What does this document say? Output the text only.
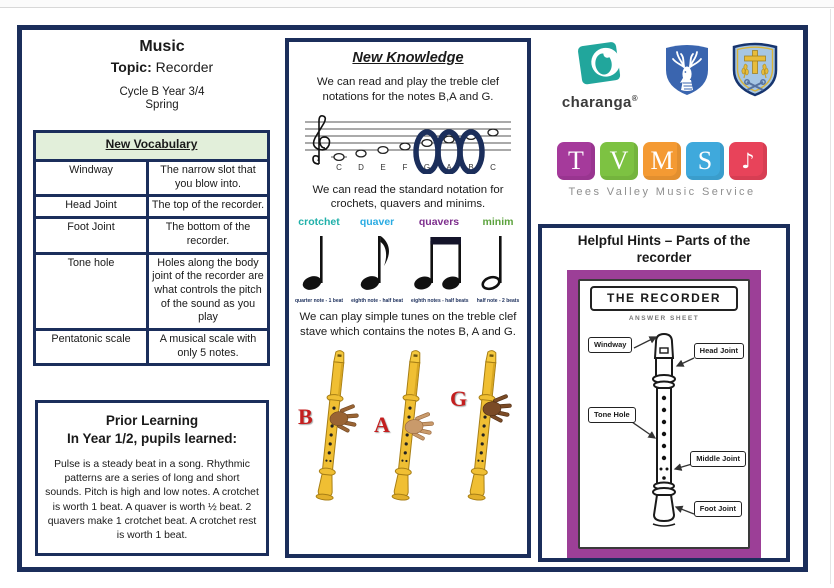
Music
Topic: Recorder
Cycle B Year 3/4
Spring
New Vocabulary
Windway	The narrow slot that you blow into.
Head Joint	The top of the recorder.
Foot Joint	The bottom of the recorder.
Tone hole	Holes along the body joint of the recorder are what controls the pitch of the sound as you play
Pentatonic scale	A musical scale with only 5 notes.
Prior Learning
In Year 1/2, pupils learned:
Pulse is a steady beat in a song. Rhythmic patterns are a series of long and short sounds. Pitch is high and low notes. A crotchet is worth 1 beat. A quaver is worth ½ beat. 2 quavers make 1 crotchet beat. A crotchet rest is worth 1 beat.
New Knowledge
We can read and play the treble clef notations for the notes B,A and G.
C D E F G A B C
We can read the standard notation for crochets, quavers and minims.
crotchet
quarter note - 1 beat
quaver
eighth note - half beat
quavers
eighth notes - half beats
minim
half note - 2 beats
We can play simple tunes on the treble clef stave which contains the notes B, A and G.
B	A
G
charanga®
T V M S	♪
Tees Valley Music Service
Helpful Hints – Parts of the recorder
THE RECORDER
ANSWER SHEET
Windway
Head Joint
Tone Hole
Middle Joint
Foot Joint
